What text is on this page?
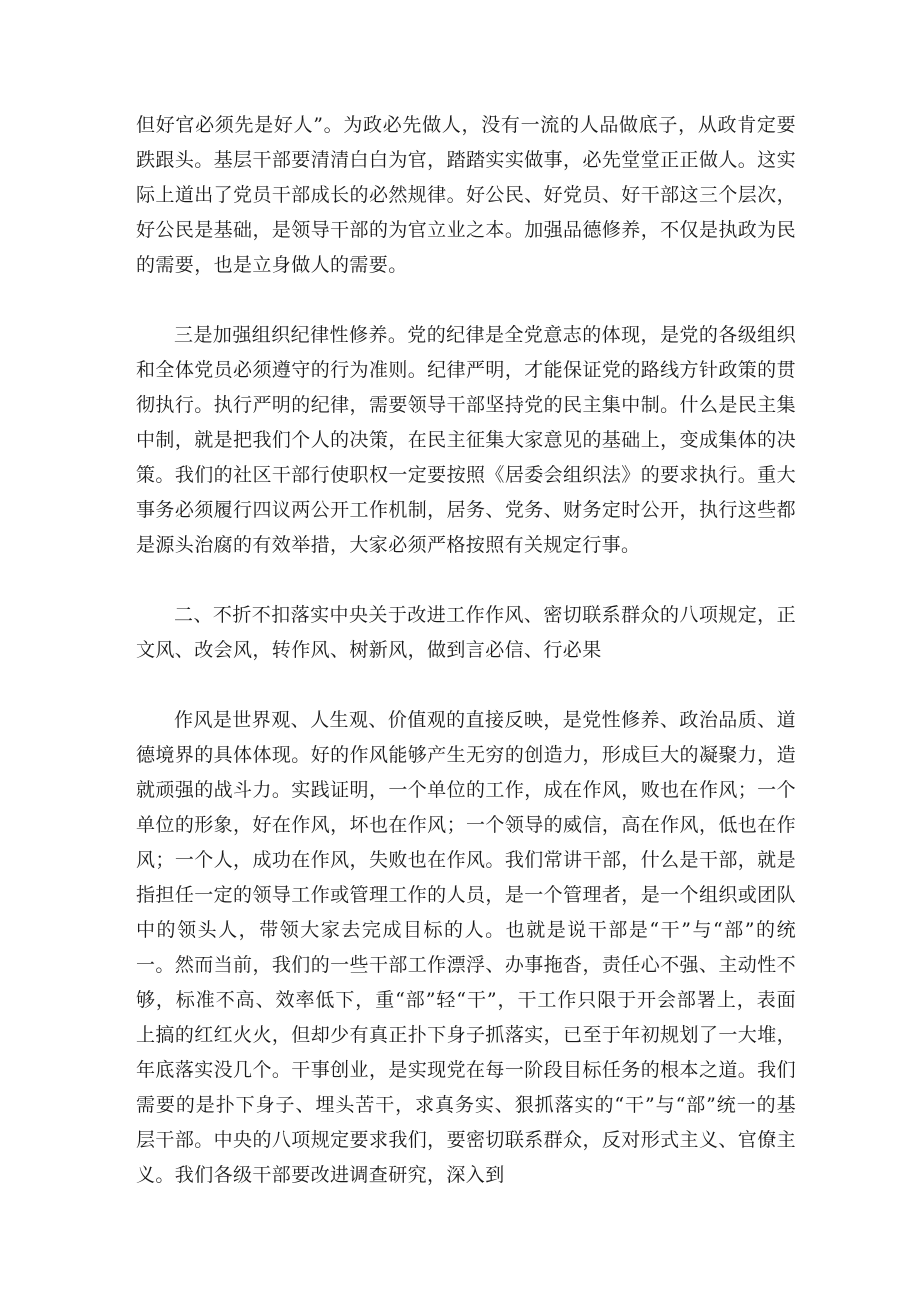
但好官必须先是好人”。为政必先做人，没有一流的人品做底子，从政肯定要跌跟头。基层干部要清清白白为官，踏踏实实做事，必先堂堂正正做人。这实际上道出了党员干部成长的必然规律。好公民、好党员、好干部这三个层次，好公民是基础，是领导干部的为官立业之本。加强品德修养，不仅是执政为民的需要，也是立身做人的需要。

三是加强组织纪律性修养。党的纪律是全党意志的体现，是党的各级组织和全体党员必须遵守的行为准则。纪律严明，才能保证党的路线方针政策的贯彻执行。执行严明的纪律，需要领导干部坚持党的民主集中制。什么是民主集中制，就是把我们个人的决策，在民主征集大家意见的基础上，变成集体的决策。我们的社区干部行使职权一定要按照《居委会组织法》的要求执行。重大事务必须履行四议两公开工作机制，居务、党务、财务定时公开，执行这些都是源头治腐的有效举措，大家必须严格按照有关规定行事。

二、不折不扣落实中央关于改进工作作风、密切联系群众的八项规定，正文风、改会风，转作风、树新风，做到言必信、行必果

作风是世界观、人生观、价值观的直接反映，是党性修养、政治品质、道德境界的具体体现。好的作风能够产生无穷的创造力，形成巨大的凝聚力，造就顽强的战斗力。实践证明，一个单位的工作，成在作风，败也在作风；一个单位的形象，好在作风，坏也在作风；一个领导的威信，高在作风，低也在作风；一个人，成功在作风，失败也在作风。我们常讲干部，什么是干部，就是指担任一定的领导工作或管理工作的人员，是一个管理者，是一个组织或团队中的领头人，带领大家去完成目标的人。也就是说干部是“干”与“部”的统一。然而当前，我们的一些干部工作漂浮、办事拖沓，责任心不强、主动性不够，标准不高、效率低下，重“部”轻“干”，干工作只限于开会部署上，表面上搞的红红火火，但却少有真正扑下身子抓落实，已至于年初规划了一大堆，年底落实没几个。干事创业，是实现党在每一阶段目标任务的根本之道。我们需要的是扑下身子、埋头苦干，求真务实、狠抓落实的“干”与“部”统一的基层干部。中央的八项规定要求我们，要密切联系群众，反对形式主义、官僚主义。我们各级干部要改进调查研究，深入到
